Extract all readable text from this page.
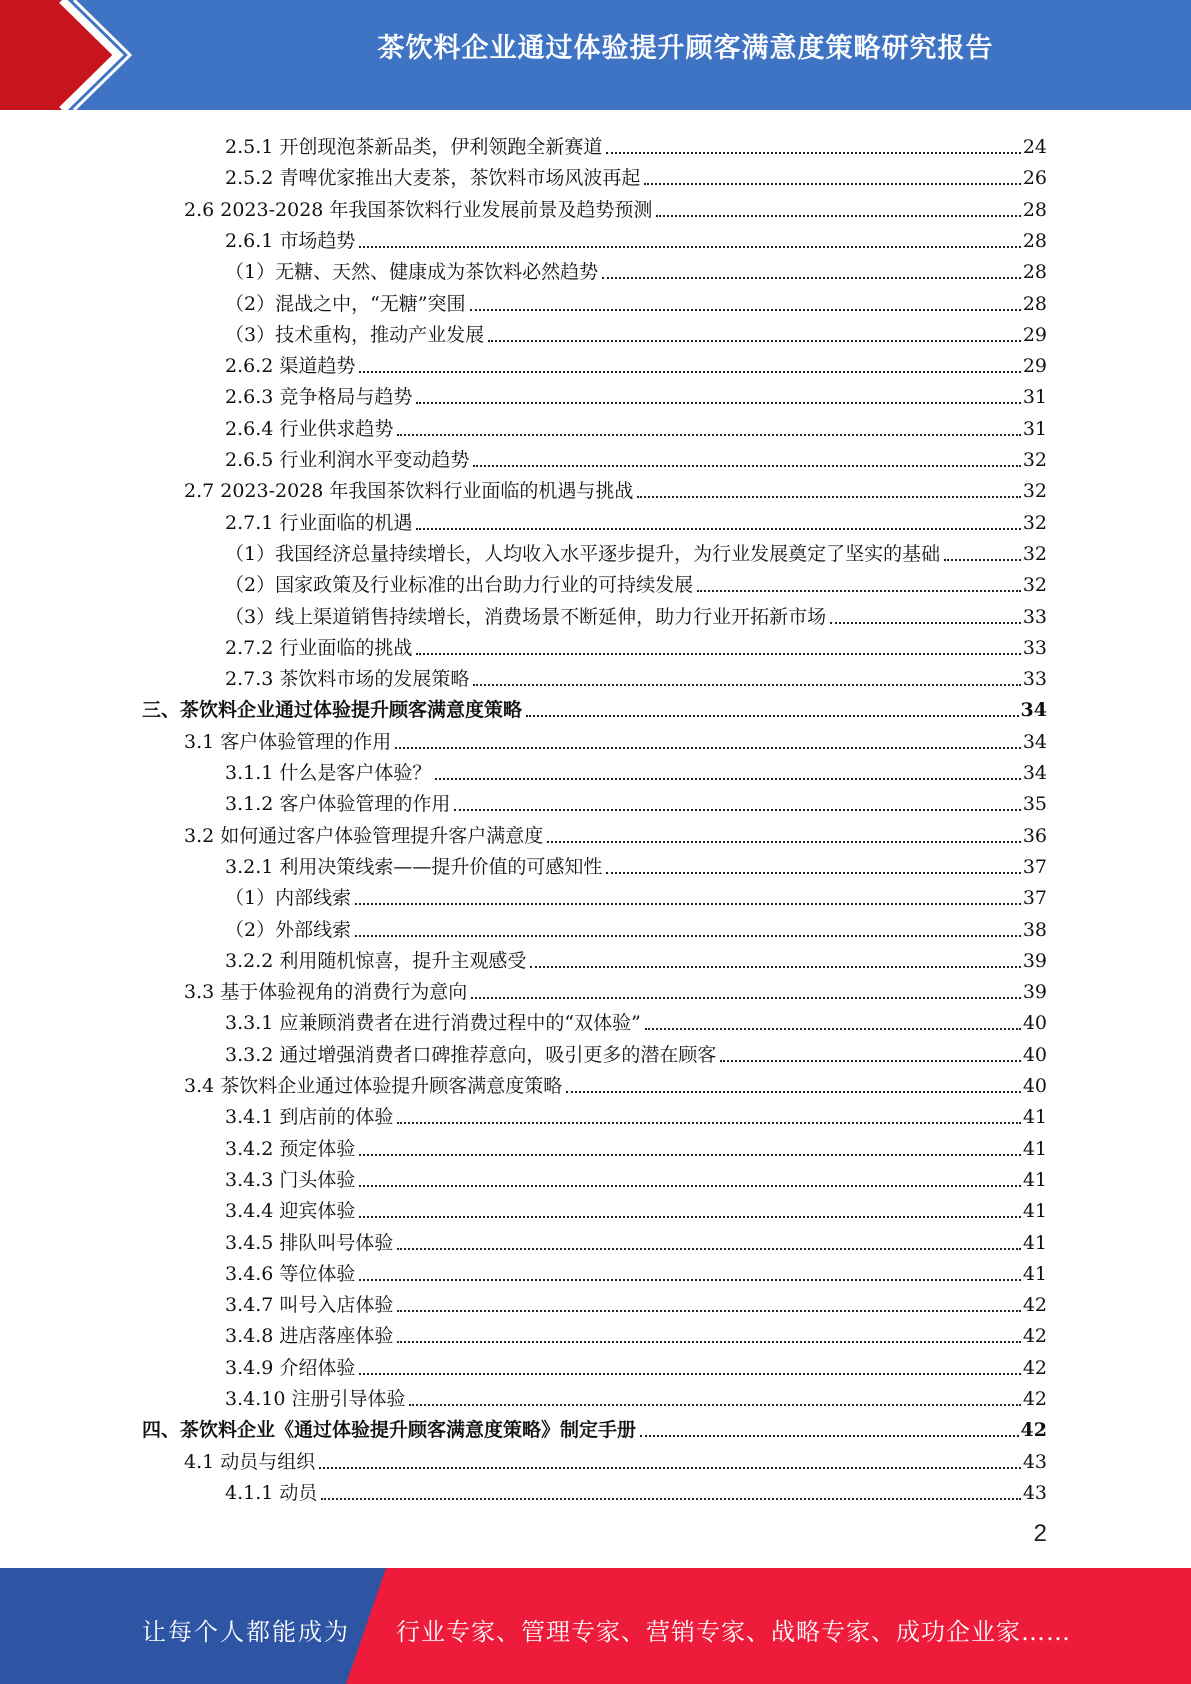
茶饮料企业通过体验提升顾客满意度策略研究报告
2.5.1 开创现泡茶新品类，伊利领跑全新赛道	24
2.5.2 青啤优家推出大麦茶，茶饮料市场风波再起	26
2.6 2023-2028 年我国茶饮料行业发展前景及趋势预测	28
2.6.1 市场趋势	28
（1）无糖、天然、健康成为茶饮料必然趋势	28
（2）混战之中，“无糖”突围	28
（3）技术重构，推动产业发展	29
2.6.2 渠道趋势	29
2.6.3 竞争格局与趋势	31
2.6.4 行业供求趋势	31
2.6.5 行业利润水平变动趋势	32
2.7 2023-2028 年我国茶饮料行业面临的机遇与挑战	32
2.7.1 行业面临的机遇	32
（1）我国经济总量持续增长，人均收入水平逐步提升，为行业发展奠定了坚实的基础	32
（2）国家政策及行业标准的出台助力行业的可持续发展	32
（3）线上渠道销售持续增长，消费场景不断延伸，助力行业开拓新市场	33
2.7.2 行业面临的挑战	33
2.7.3 茶饮料市场的发展策略	33
三、茶饮料企业通过体验提升顾客满意度策略	34
3.1 客户体验管理的作用	34
3.1.1 什么是客户体验？	34
3.1.2 客户体验管理的作用	35
3.2 如何通过客户体验管理提升客户满意度	36
3.2.1 利用决策线索——提升价值的可感知性	37
（1）内部线索	37
（2）外部线索	38
3.2.2 利用随机惊喜，提升主观感受	39
3.3 基于体验视角的消费行为意向	39
3.3.1 应兼顾消费者在进行消费过程中的“双体验”	40
3.3.2 通过增强消费者口碑推荐意向，吸引更多的潜在顾客	40
3.4 茶饮料企业通过体验提升顾客满意度策略	40
3.4.1 到店前的体验	41
3.4.2 预定体验	41
3.4.3 门头体验	41
3.4.4 迎宾体验	41
3.4.5 排队叫号体验	41
3.4.6 等位体验	41
3.4.7 叫号入店体验	42
3.4.8 进店落座体验	42
3.4.9 介绍体验	42
3.4.10 注册引导体验	42
四、茶饮料企业《通过体验提升顾客满意度策略》制定手册	42
4.1 动员与组织	43
4.1.1 动员	43
2
让每个人都能成为 行业专家、管理专家、营销专家、战略专家、成功企业家……
